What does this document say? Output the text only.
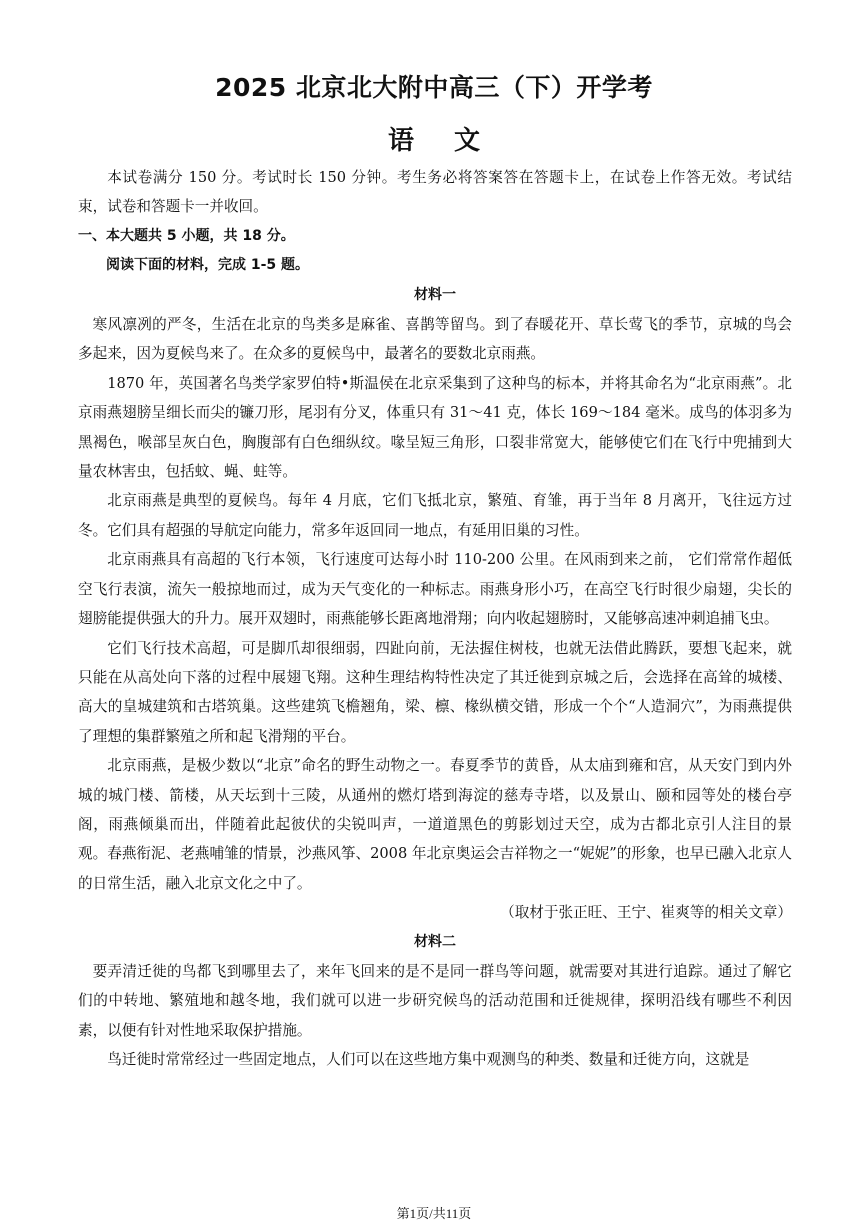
2025 北京北大附中高三（下）开学考
语文

本试卷满分 150 分。考试时长 150 分钟。考生务必将答案答在答题卡上，在试卷上作答无效。考试结束，试卷和答题卡一并收回。

一、本大题共 5 小题，共 18 分。

阅读下面的材料，完成 1-5 题。

材料一

寒风凛冽的严冬，生活在北京的鸟类多是麻雀、喜鹊等留鸟。到了春暖花开、草长莺飞的季节，京城的鸟会多起来，因为夏候鸟来了。在众多的夏候鸟中，最著名的要数北京雨燕。

1870 年，英国著名鸟类学家罗伯特•斯温侯在北京采集到了这种鸟的标本，并将其命名为“北京雨燕”。北京雨燕翅膀呈细长而尖的镰刀形，尾羽有分叉，体重只有 31～41 克，体长 169～184 毫米。成鸟的体羽多为黑褐色，喉部呈灰白色，胸腹部有白色细纵纹。喙呈短三角形，口裂非常宽大，能够使它们在飞行中兜捕到大量农林害虫，包括蚊、蝇、蛀等。

北京雨燕是典型的夏候鸟。每年 4 月底，它们飞抵北京，繁殖、育雏，再于当年 8 月离开，飞往远方过冬。它们具有超强的导航定向能力，常多年返回同一地点，有延用旧巢的习性。

北京雨燕具有高超的飞行本领，飞行速度可达每小时 110-200 公里。在风雨到来之前， 它们常常作超低空飞行表演，流矢一般掠地而过，成为天气变化的一种标志。雨燕身形小巧，在高空飞行时很少扇翅，尖长的翅膀能提供强大的升力。展开双翅时，雨燕能够长距离地滑翔；向内收起翅膀时，又能够高速冲刺追捕飞虫。

它们飞行技术高超，可是脚爪却很细弱，四趾向前，无法握住树枝，也就无法借此腾跃，要想飞起来，就只能在从高处向下落的过程中展翅飞翔。这种生理结构特性决定了其迁徙到京城之后，会选择在高耸的城楼、高大的皇城建筑和古塔筑巢。这些建筑飞檐翘角，梁、檩、椽纵横交错，形成一个个“人造洞穴”，为雨燕提供了理想的集群繁殖之所和起飞滑翔的平台。

北京雨燕，是极少数以“北京”命名的野生动物之一。春夏季节的黄昏，从太庙到雍和宫，从天安门到内外城的城门楼、箭楼，从天坛到十三陵，从通州的燃灯塔到海淀的慈寿寺塔，以及景山、颐和园等处的楼台亭阁，雨燕倾巢而出，伴随着此起彼伏的尖锐叫声，一道道黑色的剪影划过天空，成为古都北京引人注目的景观。春燕衔泥、老燕哺雏的情景，沙燕风筝、2008 年北京奥运会吉祥物之一“妮妮”的形象，也早已融入北京人的日常生活，融入北京文化之中了。

（取材于张正旺、王宁、崔爽等的相关文章）

材料二

要弄清迁徙的鸟都飞到哪里去了，来年飞回来的是不是同一群鸟等问题，就需要对其进行追踪。通过了解它们的中转地、繁殖地和越冬地，我们就可以进一步研究候鸟的活动范围和迁徙规律，探明沿线有哪些不利因素，以便有针对性地采取保护措施。

鸟迁徙时常常经过一些固定地点，人们可以在这些地方集中观测鸟的种类、数量和迁徙方向，这就是

第1页/共11页
